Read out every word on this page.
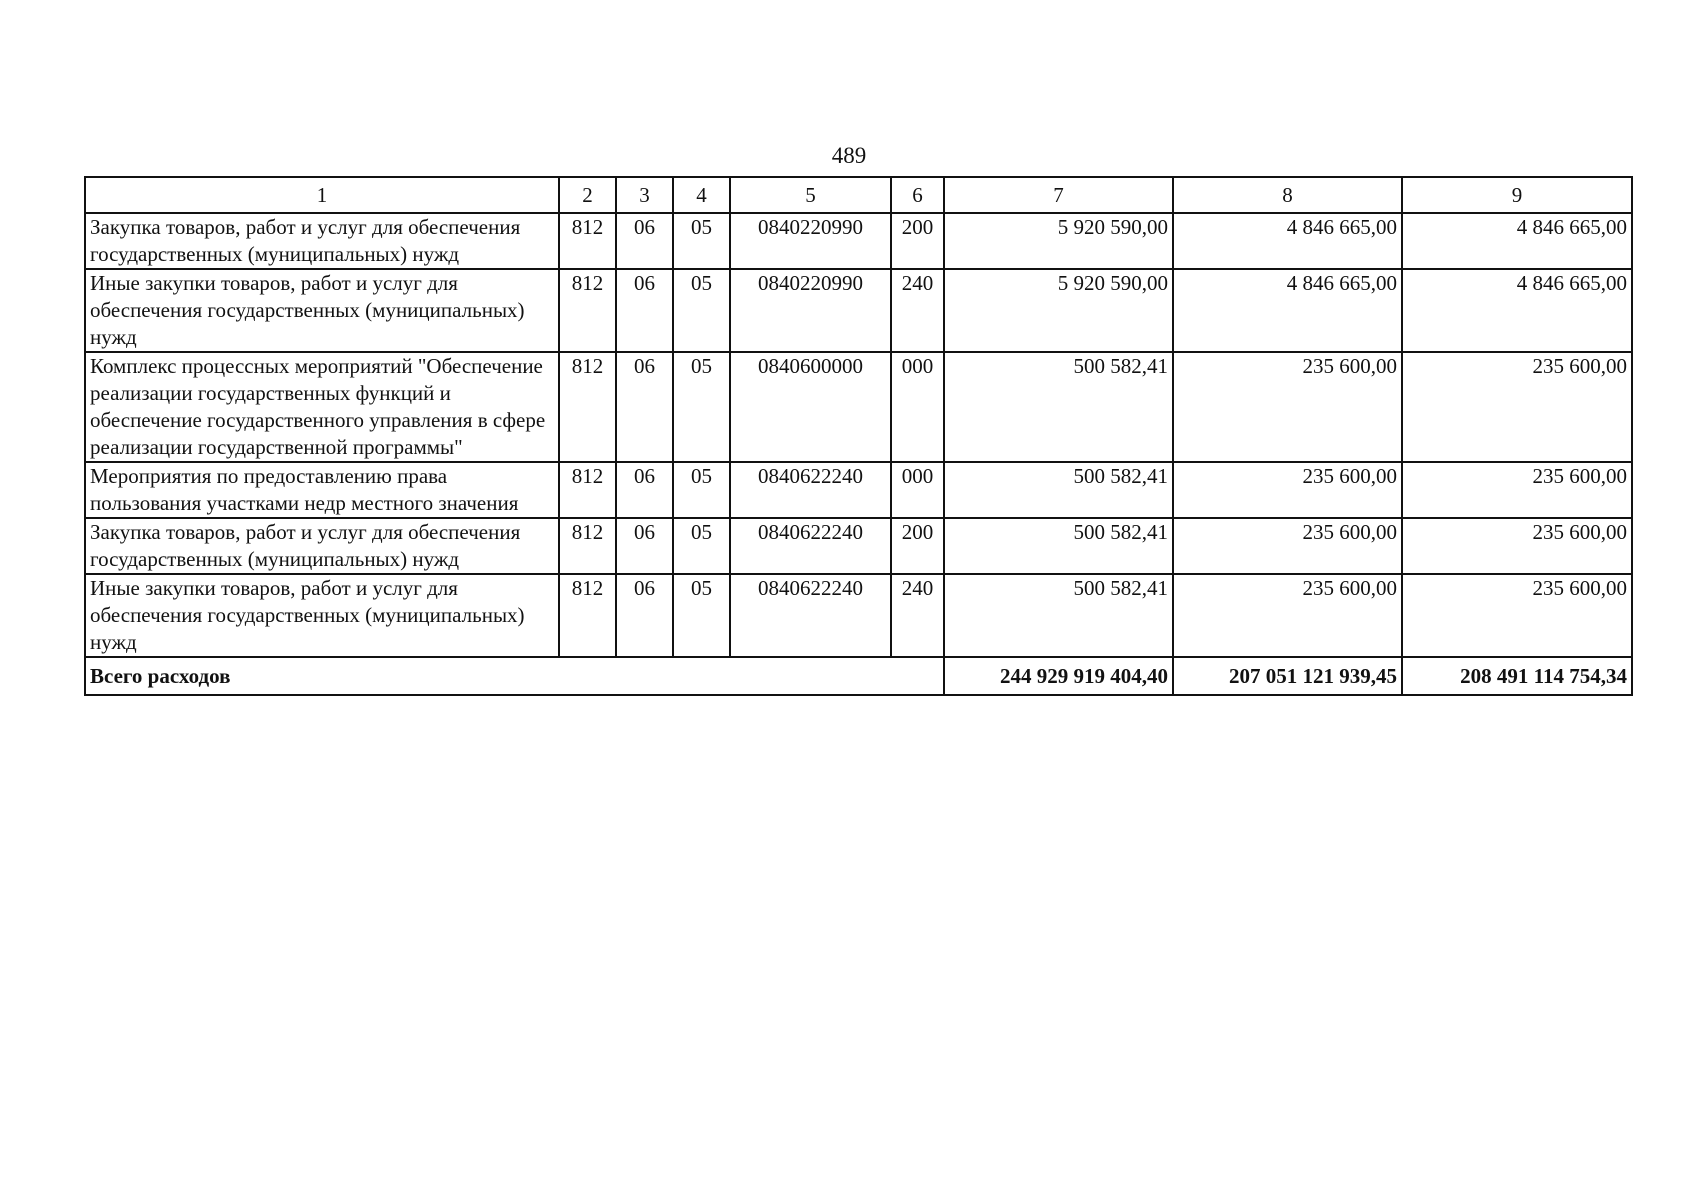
489
1	2	3	4	5	6	7	8	9
Закупка товаров, работ и услуг для обеспечения государственных (муниципальных) нужд	812	06	05	0840220990	200	5 920 590,00	4 846 665,00	4 846 665,00
Иные закупки товаров, работ и услуг для обеспечения государственных (муниципальных) нужд	812	06	05	0840220990	240	5 920 590,00	4 846 665,00	4 846 665,00
Комплекс процессных мероприятий "Обеспечение реализации государственных функций и обеспечение государственного управления в сфере реализации государственной программы"	812	06	05	0840600000	000	500 582,41	235 600,00	235 600,00
Мероприятия по предоставлению права пользования участками недр местного значения	812	06	05	0840622240	000	500 582,41	235 600,00	235 600,00
Закупка товаров, работ и услуг для обеспечения государственных (муниципальных) нужд	812	06	05	0840622240	200	500 582,41	235 600,00	235 600,00
Иные закупки товаров, работ и услуг для обеспечения государственных (муниципальных) нужд	812	06	05	0840622240	240	500 582,41	235 600,00	235 600,00
Всего расходов						244 929 919 404,40	207 051 121 939,45	208 491 114 754,34
